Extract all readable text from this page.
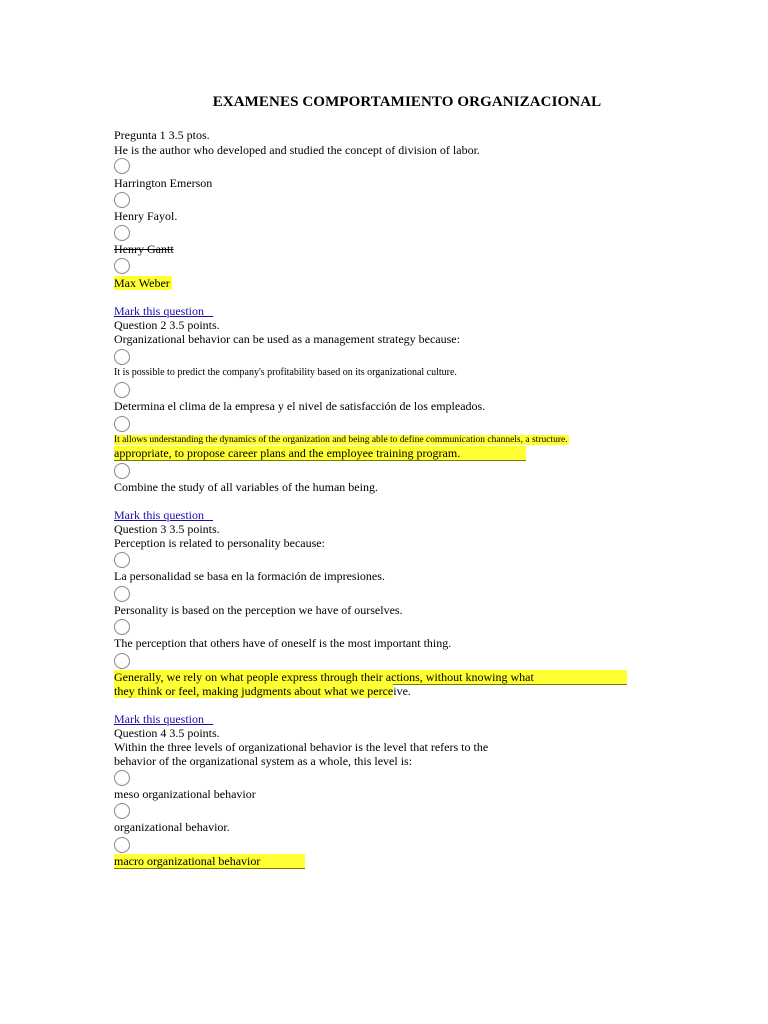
EXAMENES COMPORTAMIENTO ORGANIZACIONAL
Pregunta 1 3.5 ptos.
He is the author who developed and studied the concept of division of labor.
Harrington Emerson
Henry Fayol.
Henry Gantt
Max Weber
Mark this question
Question 2 3.5 points.
Organizational behavior can be used as a management strategy because:
It is possible to predict the company's profitability based on its organizational culture.
Determina el clima de la empresa y el nivel de satisfacción de los empleados.
It allows understanding the dynamics of the organization and being able to define communication channels, a structure.
appropriate, to propose career plans and the employee training program.
Combine the study of all variables of the human being.
Mark this question
Question 3 3.5 points.
Perception is related to personality because:
La personalidad se basa en la formación de impresiones.
Personality is based on the perception we have of ourselves.
The perception that others have of oneself is the most important thing.
Generally, we rely on what people express through their actions, without knowing what
they think or feel, making judgments about what we perceive.
Mark this question
Question 4 3.5 points.
Within the three levels of organizational behavior is the level that refers to the
behavior of the organizational system as a whole, this level is:
meso organizational behavior
organizational behavior.
macro organizational behavior
